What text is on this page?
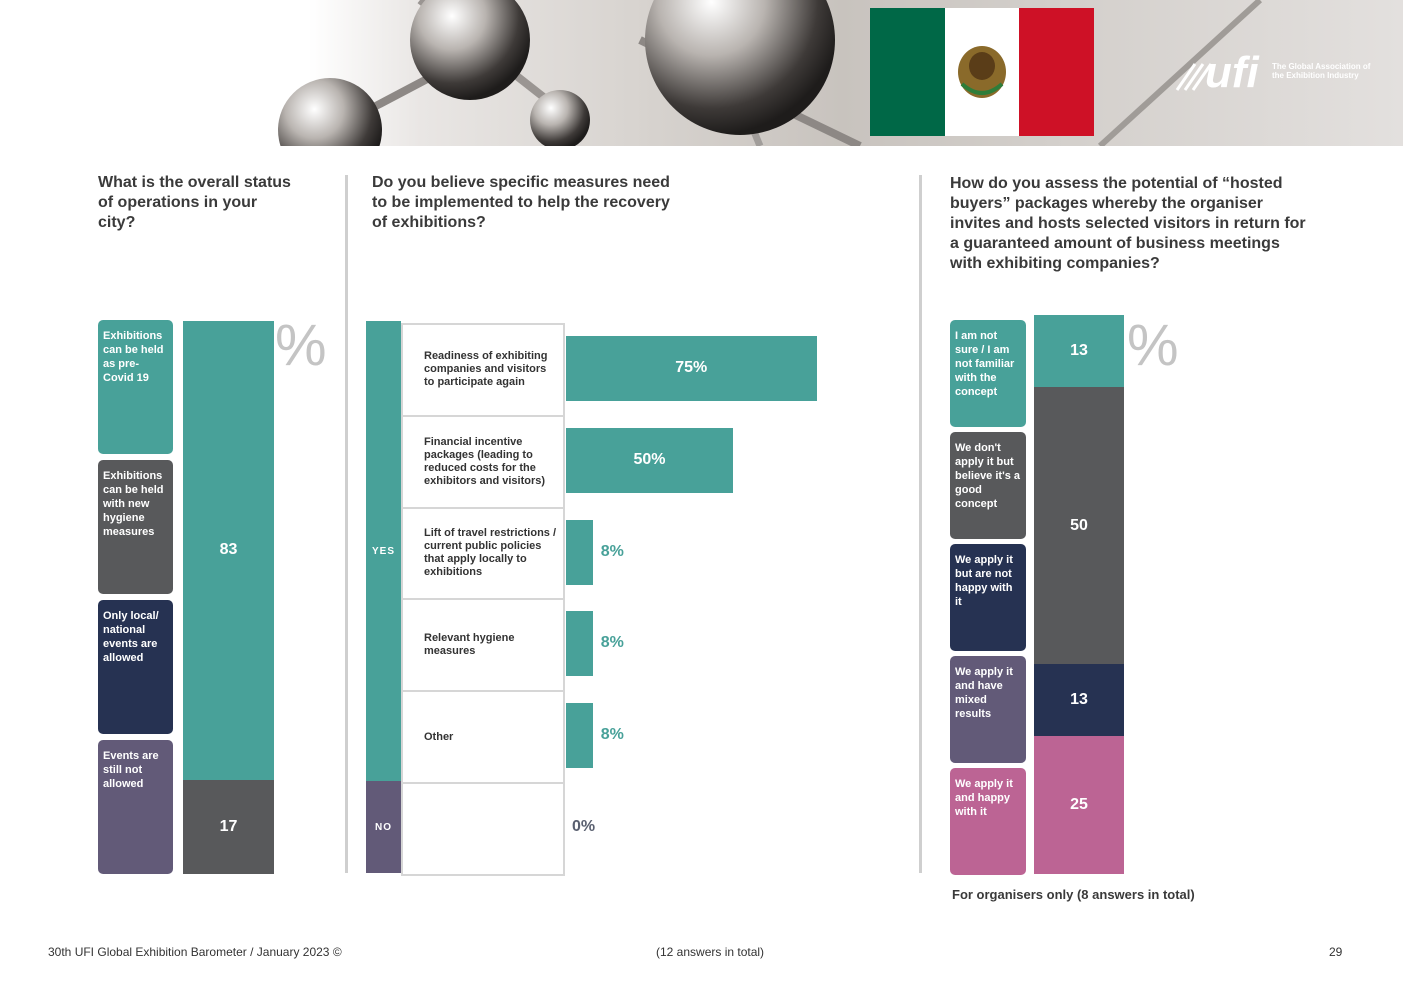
Mexico	ufi The Global Association of the Exhibition Industry

What is the overall status of operations in your city?

%
Exhibitions can be held as pre-Covid 19
Exhibitions can be held with new hygiene measures
Only local/ national events are allowed
Events are still not allowed

Do you believe specific measures need to be implemented to help the recovery of exhibitions?

YES
NO

How do you assess the potential of “hosted buyers” packages whereby the organiser invites and hosts selected visitors in return for a guaranteed amount of business meetings with exhibiting companies?

%
I am not sure / I am not familiar with the concept
We don't apply it but believe it's a good concept
We apply it but are not happy with it
We apply it and have mixed results
We apply it and happy with it
For organisers only (8 answers in total)
30th UFI Global Exhibition Barometer / January 2023 ©	(12 answers in total)	29
17
83
25
13
50
13
Readiness of exhibiting companies and visitors to participate again
75%
Financial incentive packages (leading to reduced costs for the exhibitors and visitors)
50%
Lift of travel restrictions / current public policies that apply locally to exhibitions
8%
Relevant hygiene measures	8%
Other	8%
0%
